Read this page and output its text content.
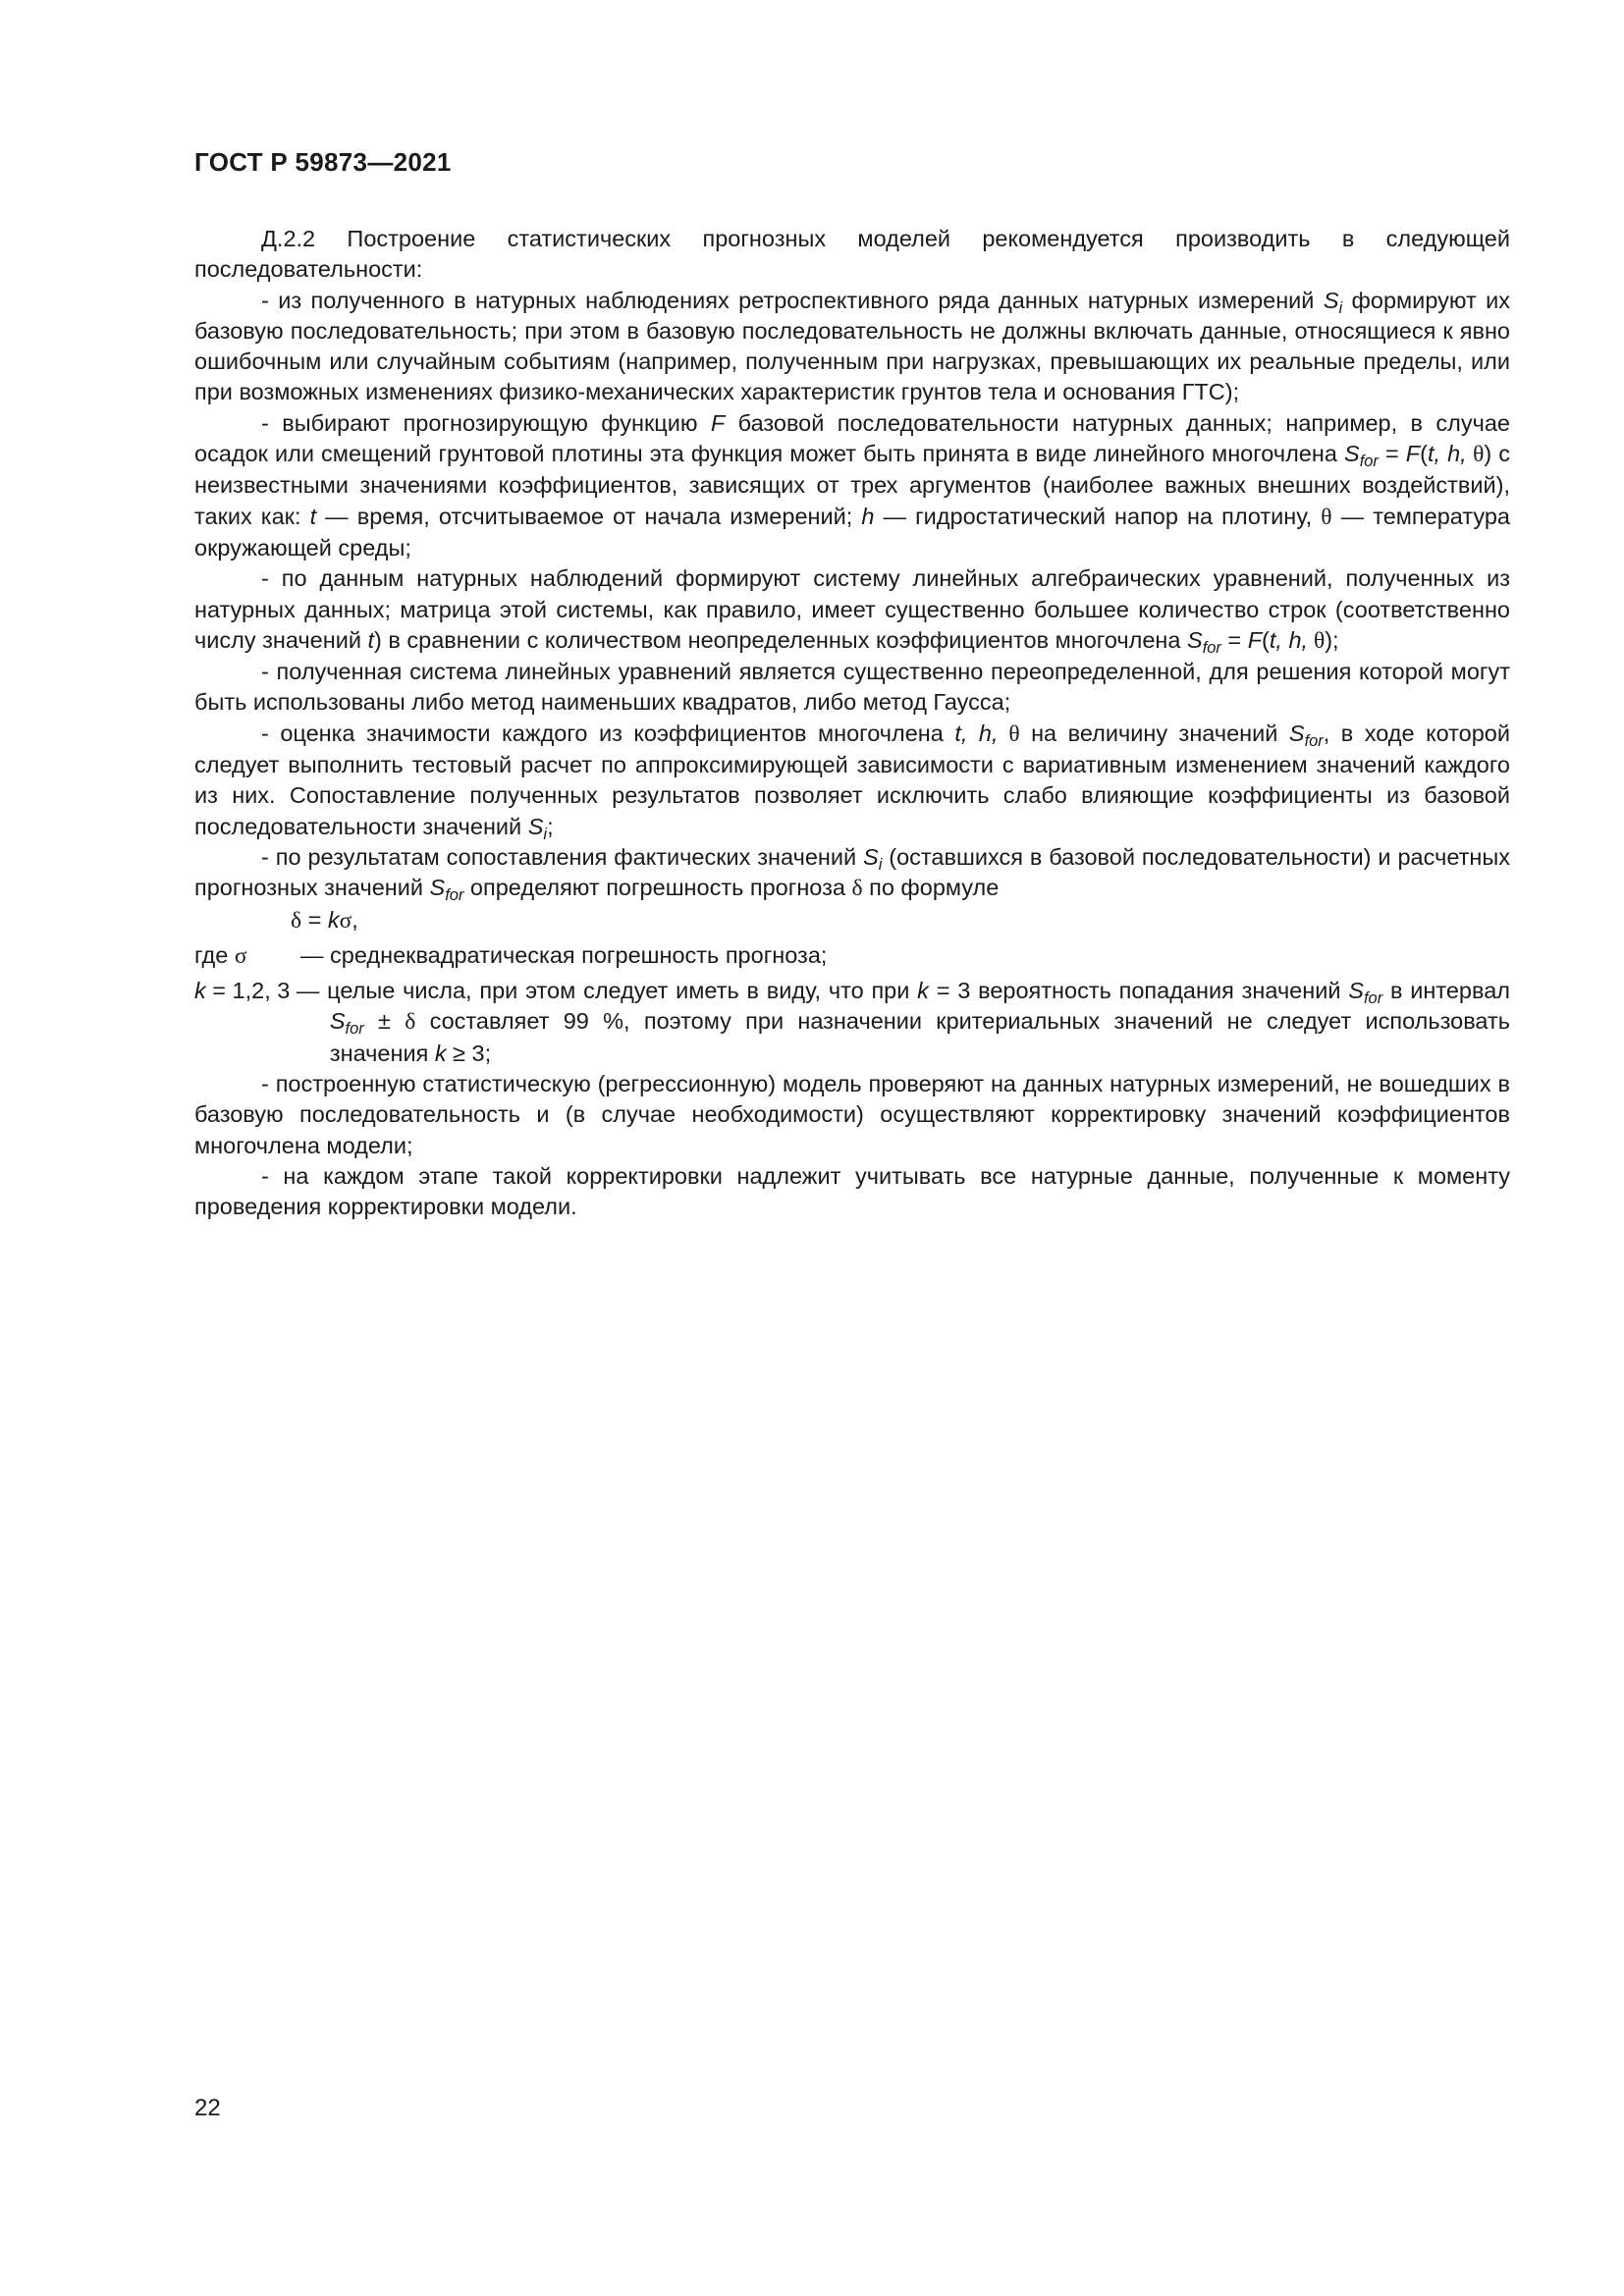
ГОСТ Р 59873—2021

Д.2.2 Построение статистических прогнозных моделей рекомендуется производить в следующей последовательности:

- из полученного в натурных наблюдениях ретроспективного ряда данных натурных измерений $S_i$ формируют их базовую последовательность; при этом в базовую последовательность не должны включать данные, относящиеся к явно ошибочным или случайным событиям (например, полученным при нагрузках, превышающих их реальные пределы, или при возможных изменениях физико-механических характеристик грунтов тела и основания ГТС);

- выбирают прогнозирующую функцию F базовой последовательности натурных данных; например, в случае осадок или смещений грунтовой плотины эта функция может быть принята в виде линейного многочлена $S_{for} = F(t$, h, θ) с неизвестными значениями коэффициентов, зависящих от трех аргументов (наиболее важных внешних воздействий), таких как: t — время, отсчитываемое от начала измерений; h — гидростатический напор на плотину, θ — температура окружающей среды;

- по данным натурных наблюдений формируют систему линейных алгебраических уравнений, полученных из натурных данных; матрица этой системы, как правило, имеет существенно большее количество строк (соответственно числу значений t) в сравнении с количеством неопределенных коэффициентов многочлена $S_{for} = F(t$, h, θ);

- полученная система линейных уравнений является существенно переопределенной, для решения которой могут быть использованы либо метод наименьших квадратов, либо метод Гаусса;

- оценка значимости каждого из коэффициентов многочлена t, h, θ на величину значений $S_{for}$, в ходе которой следует выполнить тестовый расчет по аппроксимирующей зависимости с вариативным изменением значений каждого из них. Сопоставление полученных результатов позволяет исключить слабо влияющие коэффициенты из базовой последовательности значений $S_i$;

- по результатам сопоставления фактических значений $S_i$ (оставшихся в базовой последовательности) и расчетных прогнозных значений $S_{for}$ определяют погрешность прогноза δ по формуле

δ = kσ,

где σ	— среднеквадратическая погрешность прогноза;
k = 1,2, 3 — целые числа, при этом следует иметь в виду, что при k = 3 вероятность попадания значений $S_{for}$ в интервал $S_{for} \pm \delta$ составляет 99 %, поэтому при назначении критериальных значений не следует использовать значения k ≥ 3;

- построенную статистическую (регрессионную) модель проверяют на данных натурных измерений, не вошедших в базовую последовательность и (в случае необходимости) осуществляют корректировку значений коэффициентов многочлена модели;

- на каждом этапе такой корректировки надлежит учитывать все натурные данные, полученные к моменту проведения корректировки модели.

22
